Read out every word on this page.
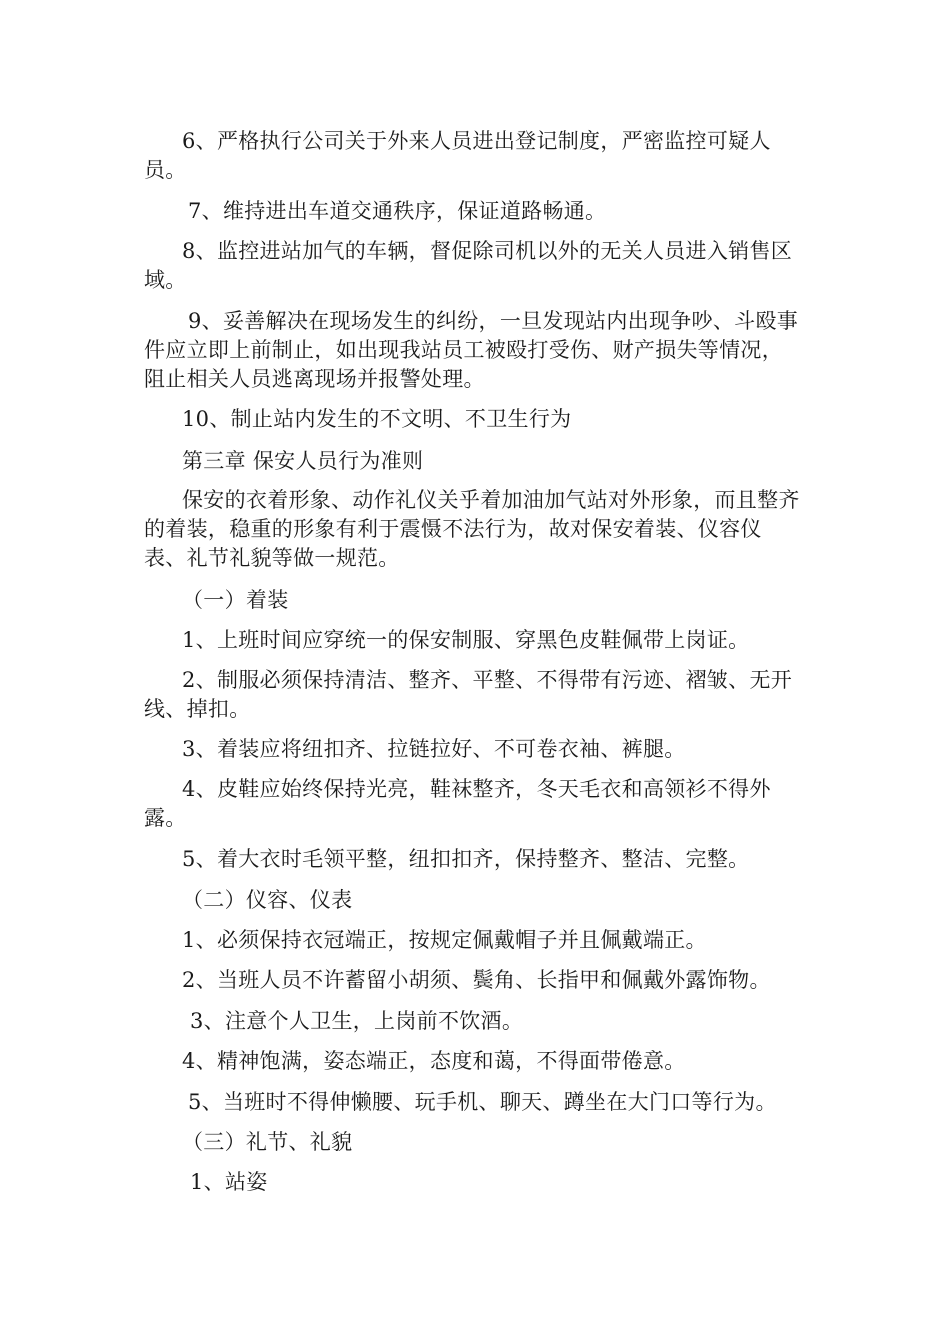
6、严格执行公司关于外来人员进出登记制度，严密监控可疑人员。

7、维持进出车道交通秩序，保证道路畅通。

8、监控进站加气的车辆，督促除司机以外的无关人员进入销售区域。

9、妥善解决在现场发生的纠纷，一旦发现站内出现争吵、斗殴事件应立即上前制止，如出现我站员工被殴打受伤、财产损失等情况，阻止相关人员逃离现场并报警处理。

10、制止站内发生的不文明、不卫生行为

第三章 保安人员行为准则

保安的衣着形象、动作礼仪关乎着加油加气站对外形象，而且整齐的着装，稳重的形象有利于震慑不法行为，故对保安着装、仪容仪表、礼节礼貌等做一规范。

（一）着装

1、上班时间应穿统一的保安制服、穿黑色皮鞋佩带上岗证。

2、制服必须保持清洁、整齐、平整、不得带有污迹、褶皱、无开线、掉扣。

3、着装应将纽扣齐、拉链拉好、不可卷衣袖、裤腿。

4、皮鞋应始终保持光亮，鞋袜整齐，冬天毛衣和高领衫不得外露。

5、着大衣时毛领平整，纽扣扣齐，保持整齐、整洁、完整。

（二）仪容、仪表

1、必须保持衣冠端正，按规定佩戴帽子并且佩戴端正。

2、当班人员不许蓄留小胡须、鬓角、长指甲和佩戴外露饰物。

3、注意个人卫生，上岗前不饮酒。

4、精神饱满，姿态端正，态度和蔼，不得面带倦意。

5、当班时不得伸懒腰、玩手机、聊天、蹲坐在大门口等行为。

（三）礼节、礼貌

1、站姿
